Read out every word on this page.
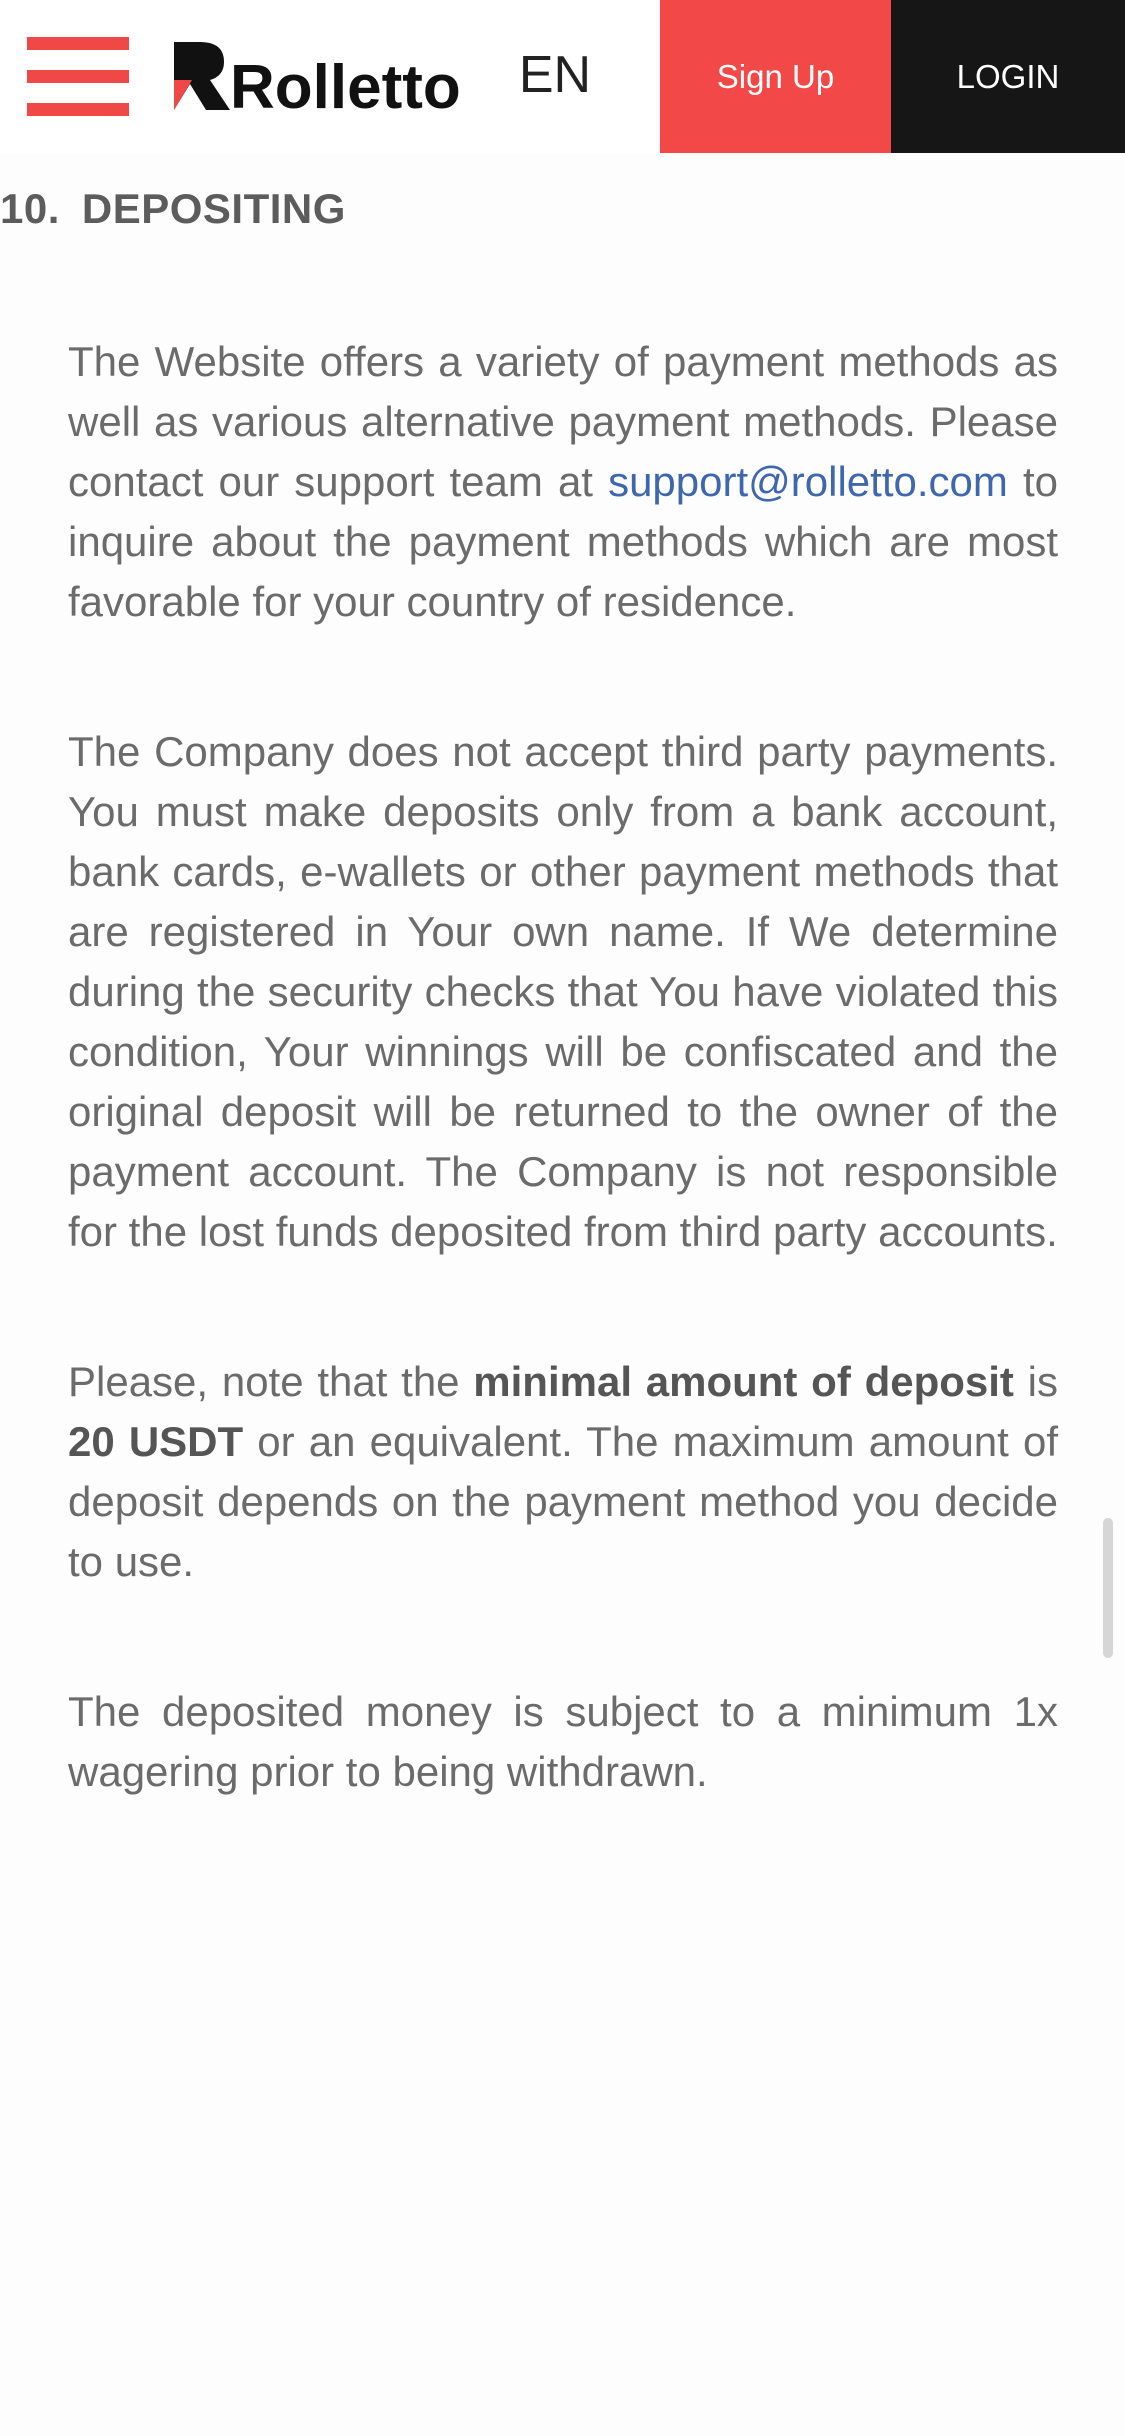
Rolletto	EN	Sign Up	LOGIN
10. DEPOSITING

The Website offers a variety of payment methods as well as various alternative payment methods. Please contact our support team at support@rolletto.com to inquire about the payment methods which are most favorable for your country of residence.

The Company does not accept third party payments. You must make deposits only from a bank account, bank cards, e-wallets or other payment methods that are registered in Your own name. If We determine during the security checks that You have violated this condition, Your winnings will be confiscated and the original deposit will be returned to the owner of the payment account. The Company is not responsible for the lost funds deposited from third party accounts.

Please, note that the minimal amount of deposit is 20 USDT or an equivalent. The maximum amount of deposit depends on the payment method you decide to use.

The deposited money is subject to a minimum 1x wagering prior to being withdrawn.
